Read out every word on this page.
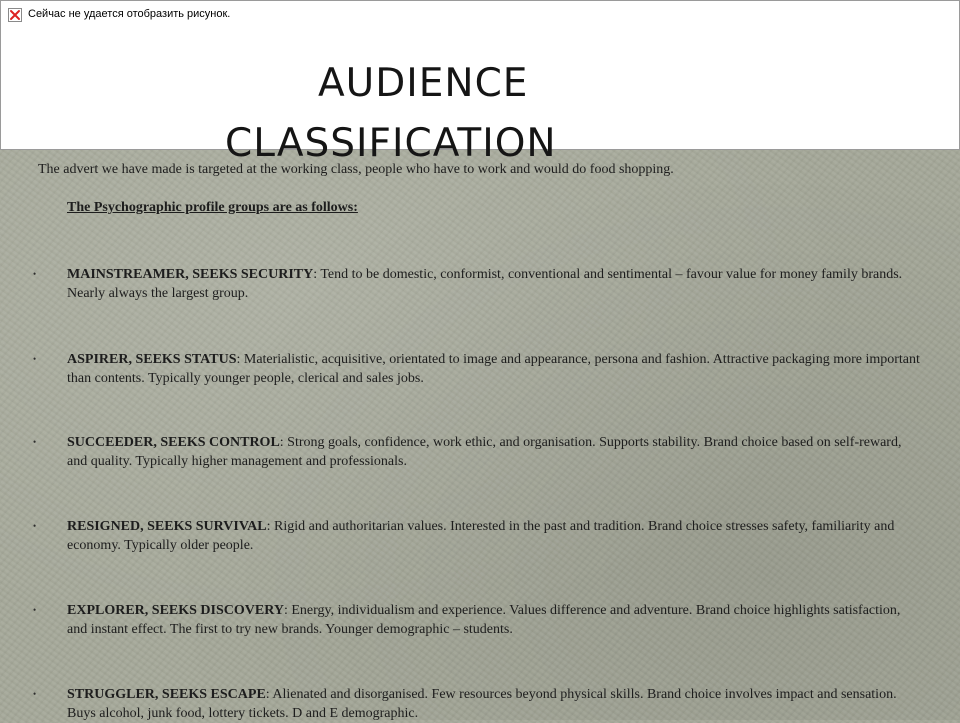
Сейчас не удается отобразить рисунок.
audience
classification
The advert we have made is targeted at the working class, people who have to work and would do food shopping.
The Psychographic profile groups are as follows:
• MAINSTREAMER, SEEKS SECURITY: Tend to be domestic, conformist, conventional and sentimental – favour value for money family brands. Nearly always the largest group.
• ASPIRER, SEEKS STATUS: Materialistic, acquisitive, orientated to image and appearance, persona and fashion. Attractive packaging more important than contents. Typically younger people, clerical and sales jobs.
• SUCCEEDER, SEEKS CONTROL: Strong goals, confidence, work ethic, and organisation. Supports stability. Brand choice based on self-reward, and quality. Typically higher management and professionals.
• RESIGNED, SEEKS SURVIVAL: Rigid and authoritarian values. Interested in the past and tradition. Brand choice stresses safety, familiarity and economy. Typically older people.
• EXPLORER, SEEKS DISCOVERY: Energy, individualism and experience. Values difference and adventure. Brand choice highlights satisfaction, and instant effect. The first to try new brands. Younger demographic – students.
• STRUGGLER, SEEKS ESCAPE: Alienated and disorganised. Few resources beyond physical skills. Brand choice involves impact and sensation. Buys alcohol, junk food, lottery tickets. D and E demographic.
